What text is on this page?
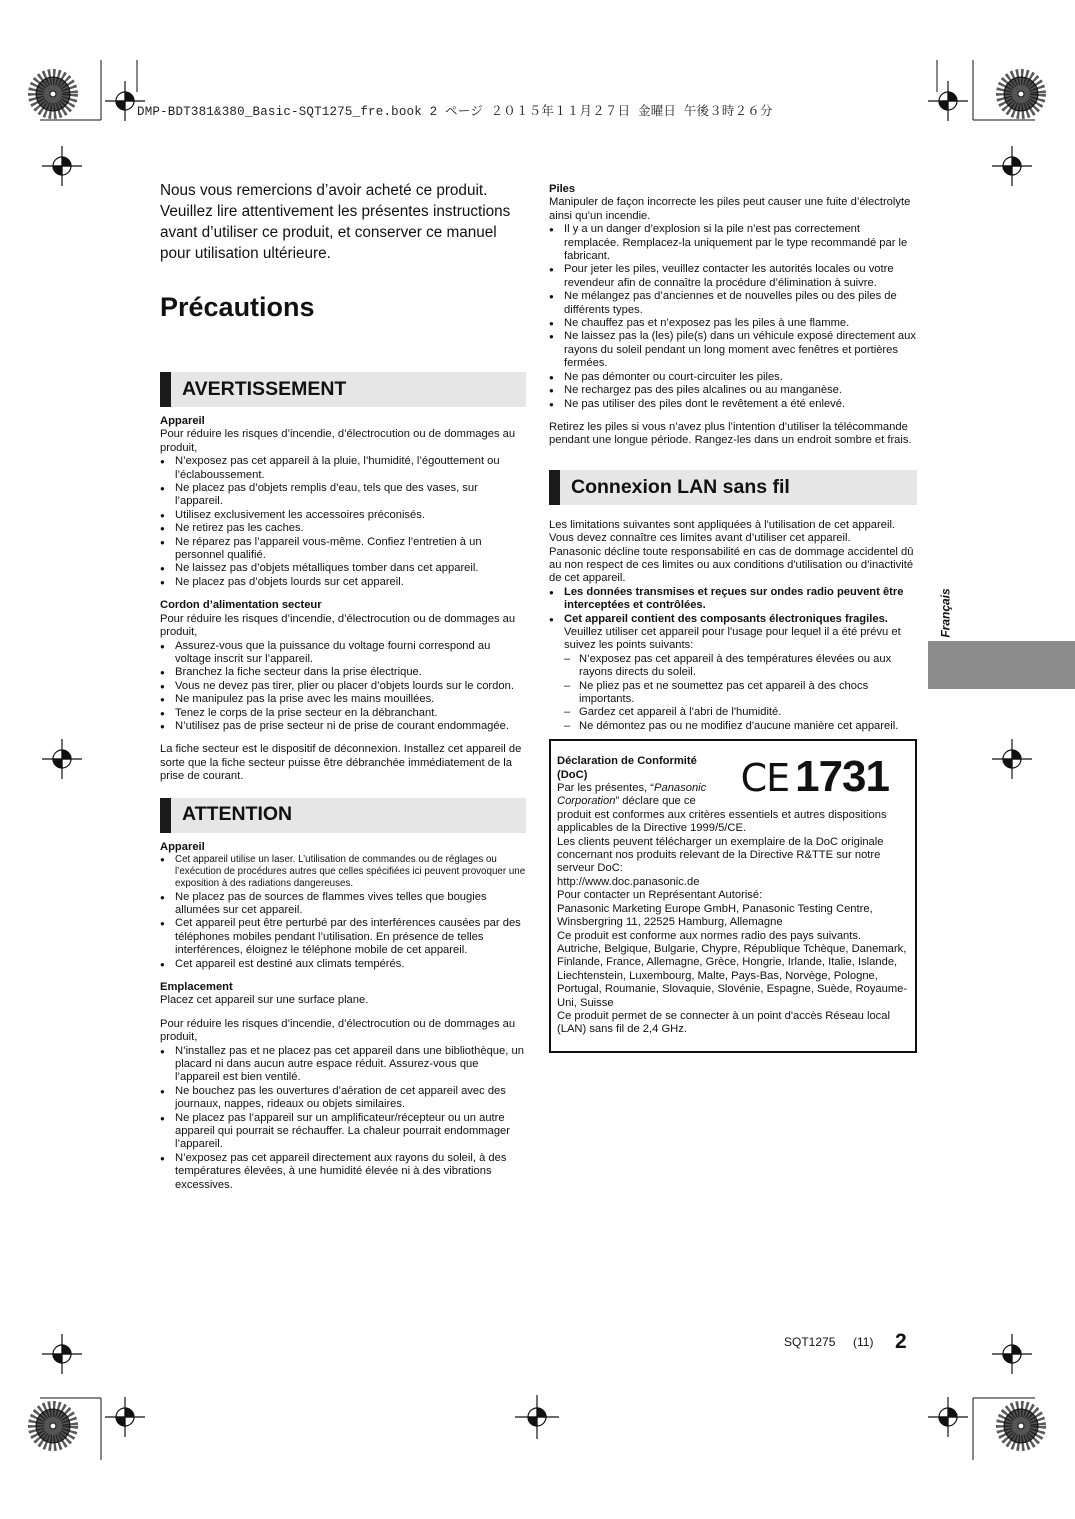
DMP-BDT381&380_Basic-SQT1275_fre.book 2 ページ ２０１５年１１月２７日 金曜日 午後３時２６分

Nous vous remercions d’avoir acheté ce produit. Veuillez lire attentivement les présentes instructions avant d’utiliser ce produit, et conserver ce manuel pour utilisation ultérieure.

Précautions
AVERTISSEMENT
Appareil

Pour réduire les risques d’incendie, d’électrocution ou de dommages au produit,

● N’exposez pas cet appareil à la pluie, l’humidité, l’égouttement ou l’éclaboussement.
● Ne placez pas d’objets remplis d’eau, tels que des vases, sur l’appareil.
● Utilisez exclusivement les accessoires préconisés.
● Ne retirez pas les caches.
● Ne réparez pas l’appareil vous-même. Confiez l’entretien à un personnel qualifié.
● Ne laissez pas d’objets métalliques tomber dans cet appareil.
● Ne placez pas d’objets lourds sur cet appareil.
Cordon d’alimentation secteur

Pour réduire les risques d’incendie, d’électrocution ou de dommages au produit,

● Assurez-vous que la puissance du voltage fourni correspond au voltage inscrit sur l’appareil.
● Branchez la fiche secteur dans la prise électrique.
● Vous ne devez pas tirer, plier ou placer d’objets lourds sur le cordon.
● Ne manipulez pas la prise avec les mains mouillées.
● Tenez le corps de la prise secteur en la débranchant.
● N’utilisez pas de prise secteur ni de prise de courant endommagée.

La fiche secteur est le dispositif de déconnexion. Installez cet appareil de sorte que la fiche secteur puisse être débranchée immédiatement de la prise de courant.

ATTENTION
Appareil
● Cet appareil utilise un laser. L’utilisation de commandes ou de réglages ou l’exécution de procédures autres que celles spécifiées ici peuvent provoquer une exposition à des radiations dangereuses.
● Ne placez pas de sources de flammes vives telles que bougies allumées sur cet appareil.
● Cet appareil peut être perturbé par des interférences causées par des téléphones mobiles pendant l’utilisation. En présence de telles interférences, éloignez le téléphone mobile de cet appareil.
● Cet appareil est destiné aux climats tempérés.
Emplacement

Placez cet appareil sur une surface plane.

Pour réduire les risques d’incendie, d’électrocution ou de dommages au produit,

● N’installez pas et ne placez pas cet appareil dans une bibliothèque, un placard ni dans aucun autre espace réduit. Assurez-vous que l’appareil est bien ventilé.
● Ne bouchez pas les ouvertures d’aération de cet appareil avec des journaux, nappes, rideaux ou objets similaires.
● Ne placez pas l’appareil sur un amplificateur/récepteur ou un autre appareil qui pourrait se réchauffer. La chaleur pourrait endommager l’appareil.
● N’exposez pas cet appareil directement aux rayons du soleil, à des températures élevées, à une humidité élevée ni à des vibrations excessives.
Piles

Manipuler de façon incorrecte les piles peut causer une fuite d’électrolyte ainsi qu’un incendie.

● Il y a un danger d’explosion si la pile n’est pas correctement remplacée. Remplacez-la uniquement par le type recommandé par le fabricant.
● Pour jeter les piles, veuillez contacter les autorités locales ou votre revendeur afin de connaître la procédure d’élimination à suivre.
● Ne mélangez pas d’anciennes et de nouvelles piles ou des piles de différents types.
● Ne chauffez pas et n’exposez pas les piles à une flamme.
● Ne laissez pas la (les) pile(s) dans un véhicule exposé directement aux rayons du soleil pendant un long moment avec fenêtres et portières fermées.
● Ne pas démonter ou court-circuiter les piles.
● Ne rechargez pas des piles alcalines ou au manganèse.
● Ne pas utiliser des piles dont le revêtement a été enlevé.

Retirez les piles si vous n’avez plus l’intention d’utiliser la télécommande pendant une longue période. Rangez-les dans un endroit sombre et frais.

Connexion LAN sans fil

Les limitations suivantes sont appliquées à l'utilisation de cet appareil. Vous devez connaître ces limites avant d’utiliser cet appareil.

Panasonic décline toute responsabilité en cas de dommage accidentel dû au non respect de ces limites ou aux conditions d'utilisation ou d’inactivité de cet appareil.

● Les données transmises et reçues sur ondes radio peuvent être interceptées et contrôlées.
● Cet appareil contient des composants électroniques fragiles.
Veuillez utiliser cet appareil pour l'usage pour lequel il a été prévu et suivez les points suivants:
– N’exposez pas cet appareil à des températures élevées ou aux rayons directs du soleil.
– Ne pliez pas et ne soumettez pas cet appareil à des chocs importants.
– Gardez cet appareil à l’abri de l'humidité.
– Ne démontez pas ou ne modifiez d'aucune manière cet appareil.
CE 1731
Déclaration de Conformité (DoC)

Par les présentes, “Panasonic Corporation” déclare que ce

produit est conformes aux critères essentiels et autres dispositions applicables de la Directive 1999/5/CE.

Les clients peuvent télécharger un exemplaire de la DoC originale concernant nos produits relevant de la Directive R&TTE sur notre serveur DoC:

http://www.doc.panasonic.de

Pour contacter un Représentant Autorisé:

Panasonic Marketing Europe GmbH, Panasonic Testing Centre, Winsbergring 11, 22525 Hamburg, Allemagne

Ce produit est conforme aux normes radio des pays suivants.

Autriche, Belgique, Bulgarie, Chypre, République Tchèque, Danemark, Finlande, France, Allemagne, Grèce, Hongrie, Irlande, Italie, Islande, Liechtenstein, Luxembourg, Malte, Pays-Bas, Norvège, Pologne, Portugal, Roumanie, Slovaquie, Slovénie, Espagne, Suède, Royaume-Uni, Suisse

Ce produit permet de se connecter à un point d'accès Réseau local (LAN) sans fil de 2,4 GHz.

Français
SQT1275 (11) 2
